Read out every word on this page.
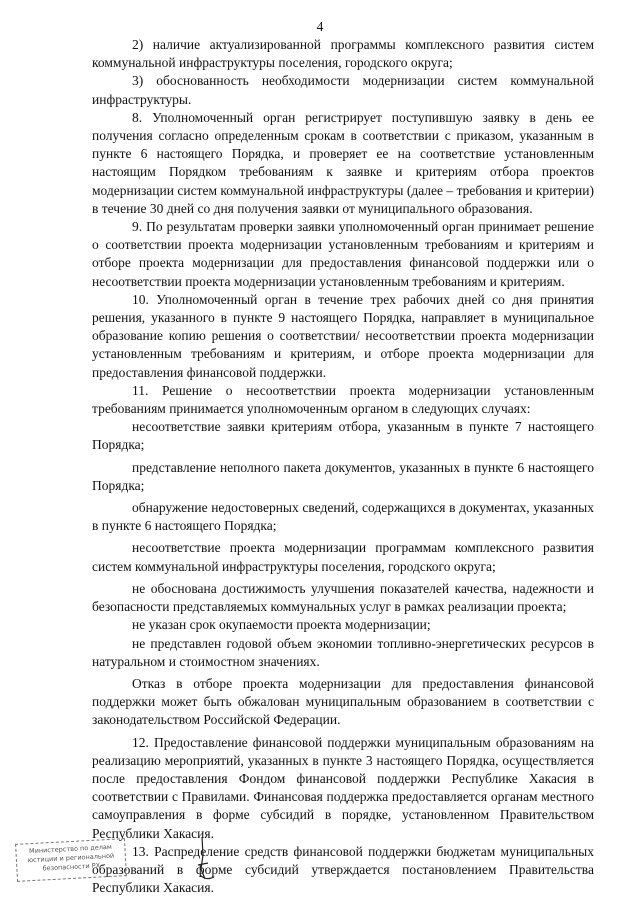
4

2) наличие актуализированной программы комплексного развития систем коммунальной инфраструктуры поселения, городского округа;

3) обоснованность необходимости модернизации систем коммунальной инфраструктуры.

8. Уполномоченный орган регистрирует поступившую заявку в день ее получения согласно определенным срокам в соответствии с приказом, указанным в пункте 6 настоящего Порядка, и проверяет ее на соответствие установленным настоящим Порядком требованиям к заявке и критериям отбора проектов модернизации систем коммунальной инфраструктуры (далее – требования и критерии) в течение 30 дней со дня получения заявки от муниципального образования.

9. По результатам проверки заявки уполномоченный орган принимает решение о соответствии проекта модернизации установленным требованиям и критериям и отборе проекта модернизации для предоставления финансовой поддержки или о несоответствии проекта модернизации установленным требованиям и критериям.

10. Уполномоченный орган в течение трех рабочих дней со дня принятия решения, указанного в пункте 9 настоящего Порядка, направляет в муниципальное образование копию решения о соответствии/ несоответствии проекта модернизации установленным требованиям и критериям, и отборе проекта модернизации для предоставления финансовой поддержки.

11. Решение о несоответствии проекта модернизации установленным требованиям принимается уполномоченным органом в следующих случаях:

несоответствие заявки критериям отбора, указанным в пункте 7 настоящего Порядка;

представление неполного пакета документов, указанных в пункте 6 настоящего Порядка;

обнаружение недостоверных сведений, содержащихся в документах, указанных в пункте 6 настоящего Порядка;

несоответствие проекта модернизации программам комплексного развития систем коммунальной инфраструктуры поселения, городского округа;

не обоснована достижимость улучшения показателей качества, надежности и безопасности представляемых коммунальных услуг в рамках реализации проекта;

не указан срок окупаемости проекта модернизации;

не представлен годовой объем экономии топливно-энергетических ресурсов в натуральном и стоимостном значениях.

Отказ в отборе проекта модернизации для предоставления финансовой поддержки может быть обжалован муниципальным образованием в соответствии с законодательством Российской Федерации.

12. Предоставление финансовой поддержки муниципальным образованиям на реализацию мероприятий, указанных в пункте 3 настоящего Порядка, осуществляется после предоставления Фондом финансовой поддержки Республике Хакасия в соответствии с Правилами. Финансовая поддержка предоставляется органам местного самоуправления в форме субсидий в порядке, установленном Правительством Республики Хакасия.

13. Распределение средств финансовой поддержки бюджетам муниципальных образований в форме субсидий утверждается постановлением Правительства Республики Хакасия.

Министерство по делам
юстиции и региональной
безопасности РХ
